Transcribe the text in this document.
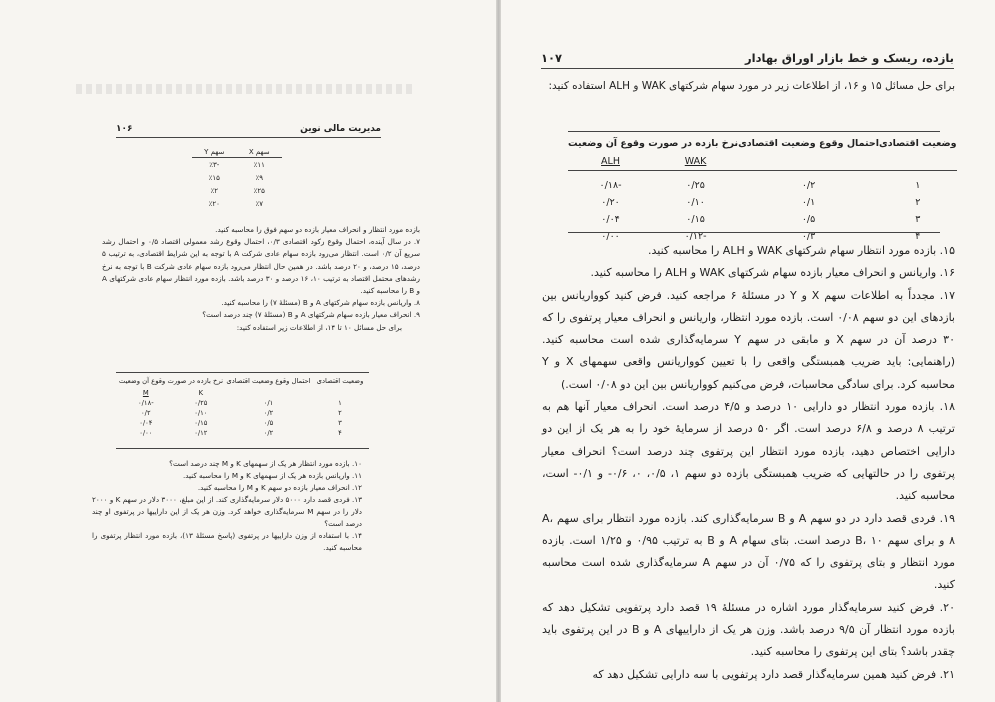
۱۰۶	مدیریت مالی نوین
سهم X	سهم Y
٪۱۱	-٪۳
٪۹	٪۱۵
٪۲۵	٪۲
٪۷	٪۲۰

بازده مورد انتظار و انحراف معیار بازده دو سهم فوق را محاسبه کنید.

۷. در سال آینده، احتمال وقوع رکود اقتصادی ۰/۳، احتمال وقوع رشد معمولی اقتصاد ۰/۵ و احتمال رشد سریع آن ۰/۲ است. انتظار می‌رود بازده سهام عادی شرکت A با توجه به این شرایط اقتصادی، به ترتیب ۵ درصد، ۱۵ درصد، و ۲۰ درصد باشد. در همین حال انتظار می‌رود بازده سهام عادی شرکت B با توجه به نرخ رشدهای محتمل اقتصاد به ترتیب ۱۰، ۱۶ درصد و ۳۰ درصد باشد. بازده مورد انتظار سهام عادی شرکتهای A و B را محاسبه کنید.

۸. واریانس بازده سهام شرکتهای A و B (مسئلهٔ ۷) را محاسبه کنید.

۹. انحراف معیار بازده سهام شرکتهای A و B (مسئلهٔ ۷) چند درصد است؟

برای حل مسائل ۱۰ تا ۱۴، از اطلاعات زیر استفاده کنید:

وضعیت اقتصادی	احتمال وقوع وضعیت اقتصادی	نرخ بازده در صورت وقوع آن وضعیت	
		K	M
۱	۰/۱	۰/۲۵	-۰/۱۸
۲	۰/۲	۰/۱۰	۰/۲
۳	۰/۵	۰/۱۵	۰/۰۴
۴	۰/۲	۰/۱۲	۰/۰۰

۱۰. بازده مورد انتظار هر یک از سهمهای K و M چند درصد است؟

۱۱. واریانس بازده هر یک از سهمهای K و M را محاسبه کنید.

۱۲. انحراف معیار بازده دو سهم K و M را محاسبه کنید.

۱۳. فردی قصد دارد ۵۰۰۰ دلار سرمایه‌گذاری کند. از این مبلغ، ۳۰۰۰ دلار در سهم K و ۲۰۰۰ دلار را در سهم M سرمایه‌گذاری خواهد کرد. وزن هر یک از این داراییها در پرتفوی او چند درصد است؟

۱۴. با استفاده از وزن داراییها در پرتفوی (پاسخ مسئلهٔ ۱۳)، بازده مورد انتظار پرتفوی را محاسبه کنید.

۱۰۷	بازده، ریسک و خط بازار اوراق بهادار
برای حل مسائل ۱۵ و ۱۶، از اطلاعات زیر در مورد سهام شرکتهای WAK و ALH استفاده کنید:
وضعیت اقتصادی	احتمال وقوع وضعیت اقتصادی	نرخ بازده در صورت وقوع آن وضعیت	
		WAK	ALH

۱	۰/۲	۰/۲۵	-۰/۱۸
۲	۰/۱	۰/۱۰	۰/۲۰
۳	۰/۵	۰/۱۵	۰/۰۴
۴	۰/۳	-۰/۱۲	۰/۰۰

۱۵. بازده مورد انتظار سهام شرکتهای WAK و ALH را محاسبه کنید.

۱۶. واریانس و انحراف معیار بازده سهام شرکتهای WAK و ALH را محاسبه کنید.

۱۷. مجدداً به اطلاعات سهم X و Y در مسئلهٔ ۶ مراجعه کنید. فرض کنید کوواریانس بین بازدهای این دو سهم ۰/۰۸ است. بازده مورد انتظار، واریانس و انحراف معیار پرتفوی را که ۳۰ درصد آن در سهم X و مابقی در سهم Y سرمایه‌گذاری شده است محاسبه کنید. (راهنمایی: باید ضریب همبستگی واقعی را با تعیین کوواریانس واقعی سهمهای X و Y محاسبه کرد. برای سادگی محاسبات، فرض می‌کنیم کوواریانس بین این دو ۰/۰۸ است.)

۱۸. بازده مورد انتظار دو دارایی ۱۰ درصد و ۴/۵ درصد است. انحراف معیار آنها هم به ترتیب ۸ درصد و ۶/۸ درصد است. اگر ۵۰ درصد از سرمایهٔ خود را به هر یک از این دو دارایی اختصاص دهید، بازده مورد انتظار این پرتفوی چند درصد است؟ انحراف معیار پرتفوی را در حالتهایی که ضریب همبستگی بازده دو سهم ۱، ۰/۵، ۰، ۰/۶- و ۰/۱- است، محاسبه کنید.

۱۹. فردی قصد دارد در دو سهم A و B سرمایه‌گذاری کند. بازده مورد انتظار برای سهم A، ۸ و برای سهم B، ۱۰ درصد است. بتای سهام A و B به ترتیب ۰/۹۵ و ۱/۲۵ است. بازده مورد انتظار و بتای پرتفوی را که ۰/۷۵ آن در سهم A سرمایه‌گذاری شده است محاسبه کنید.

۲۰. فرض کنید سرمایه‌گذار مورد اشاره در مسئلهٔ ۱۹ قصد دارد پرتفویی تشکیل دهد که بازده مورد انتظار آن ۹/۵ درصد باشد. وزن هر یک از داراییهای A و B در این پرتفوی باید چقدر باشد؟ بتای این پرتفوی را محاسبه کنید.

۲۱. فرض کنید همین سرمایه‌گذار قصد دارد پرتفویی با سه دارایی تشکیل دهد که
